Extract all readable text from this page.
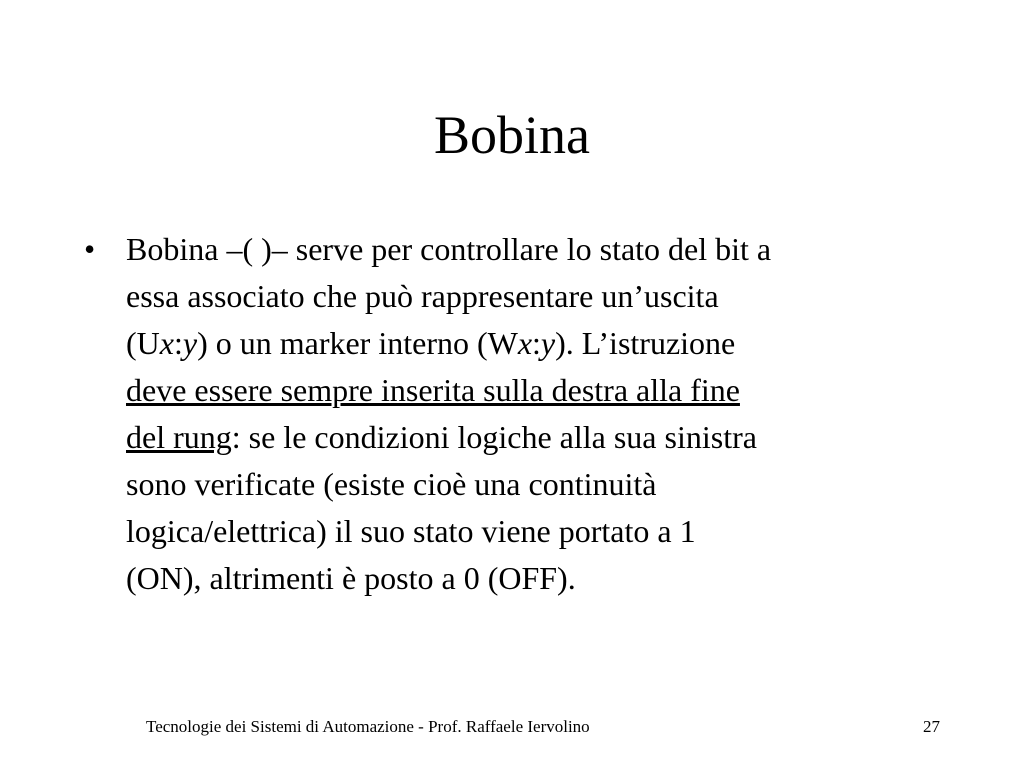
Bobina
• Bobina –( )– serve per controllare lo stato del bit a
essa associato che può rappresentare un’uscita
(Ux:y) o un marker interno (Wx:y). L’istruzione
deve essere sempre inserita sulla destra alla fine
del rung: se le condizioni logiche alla sua sinistra
sono verificate (esiste cioè una continuità
logica/elettrica) il suo stato viene portato a 1
(ON), altrimenti è posto a 0 (OFF).
Tecnologie dei Sistemi di Automazione - Prof. Raffaele Iervolino	27
